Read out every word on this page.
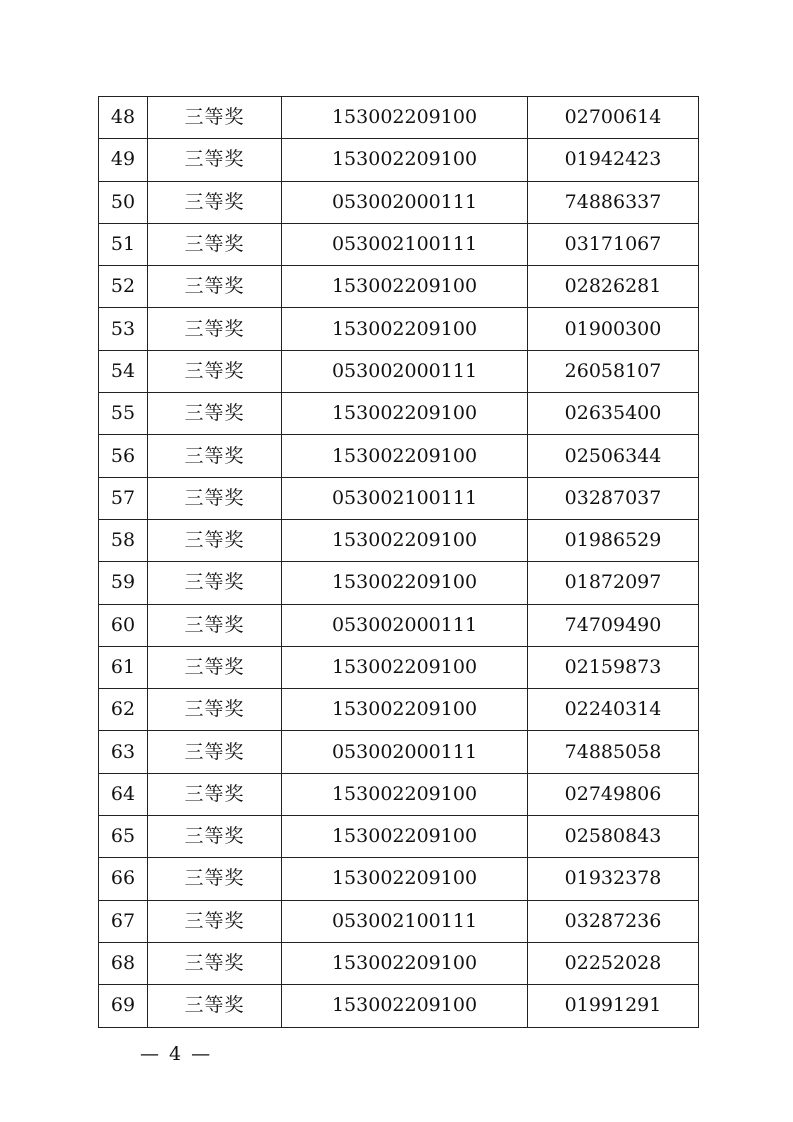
48	三等奖	153002209100	02700614
49	三等奖	153002209100	01942423
50	三等奖	053002000111	74886337
51	三等奖	053002100111	03171067
52	三等奖	153002209100	02826281
53	三等奖	153002209100	01900300
54	三等奖	053002000111	26058107
55	三等奖	153002209100	02635400
56	三等奖	153002209100	02506344
57	三等奖	053002100111	03287037
58	三等奖	153002209100	01986529
59	三等奖	153002209100	01872097
60	三等奖	053002000111	74709490
61	三等奖	153002209100	02159873
62	三等奖	153002209100	02240314
63	三等奖	053002000111	74885058
64	三等奖	153002209100	02749806
65	三等奖	153002209100	02580843
66	三等奖	153002209100	01932378
67	三等奖	053002100111	03287236
68	三等奖	153002209100	02252028
69	三等奖	153002209100	01991291
— 4 —
